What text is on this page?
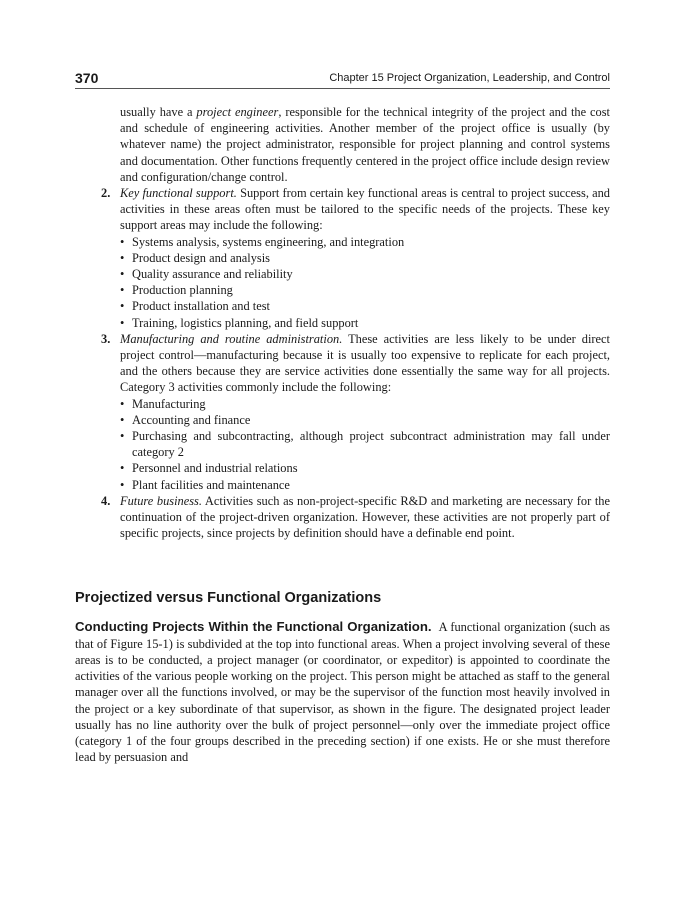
370	Chapter 15 Project Organization, Leadership, and Control
usually have a project engineer, responsible for the technical integrity of the project and the cost and schedule of engineering activities. Another member of the project office is usually (by whatever name) the project administrator, responsible for project planning and control systems and documentation. Other functions frequently centered in the project office include design review and configuration/change control.
2. Key functional support. Support from certain key functional areas is central to project success, and activities in these areas often must be tailored to the specific needs of the projects. These key support areas may include the following:
• Systems analysis, systems engineering, and integration
• Product design and analysis
• Quality assurance and reliability
• Production planning
• Product installation and test
• Training, logistics planning, and field support
3. Manufacturing and routine administration. These activities are less likely to be under direct project control—manufacturing because it is usually too expensive to replicate for each project, and the others because they are service activities done essentially the same way for all projects. Category 3 activities commonly include the following:
• Manufacturing
• Accounting and finance
• Purchasing and subcontracting, although project subcontract administration may fall under category 2
• Personnel and industrial relations
• Plant facilities and maintenance
4. Future business. Activities such as non-project-specific R&D and marketing are necessary for the continuation of the project-driven organization. However, these activities are not properly part of specific projects, since projects by definition should have a definable end point.
Projectized versus Functional Organizations
Conducting Projects Within the Functional Organization. A functional organization (such as that of Figure 15-1) is subdivided at the top into functional areas. When a project involving several of these areas is to be conducted, a project manager (or coordinator, or expeditor) is appointed to coordinate the activities of the various people working on the project. This person might be attached as staff to the general manager over all the functions involved, or may be the supervisor of the function most heavily involved in the project or a key subordinate of that supervisor, as shown in the figure. The designated project leader usually has no line authority over the bulk of project personnel—only over the immediate project office (category 1 of the four groups described in the preceding section) if one exists. He or she must therefore lead by persuasion and
